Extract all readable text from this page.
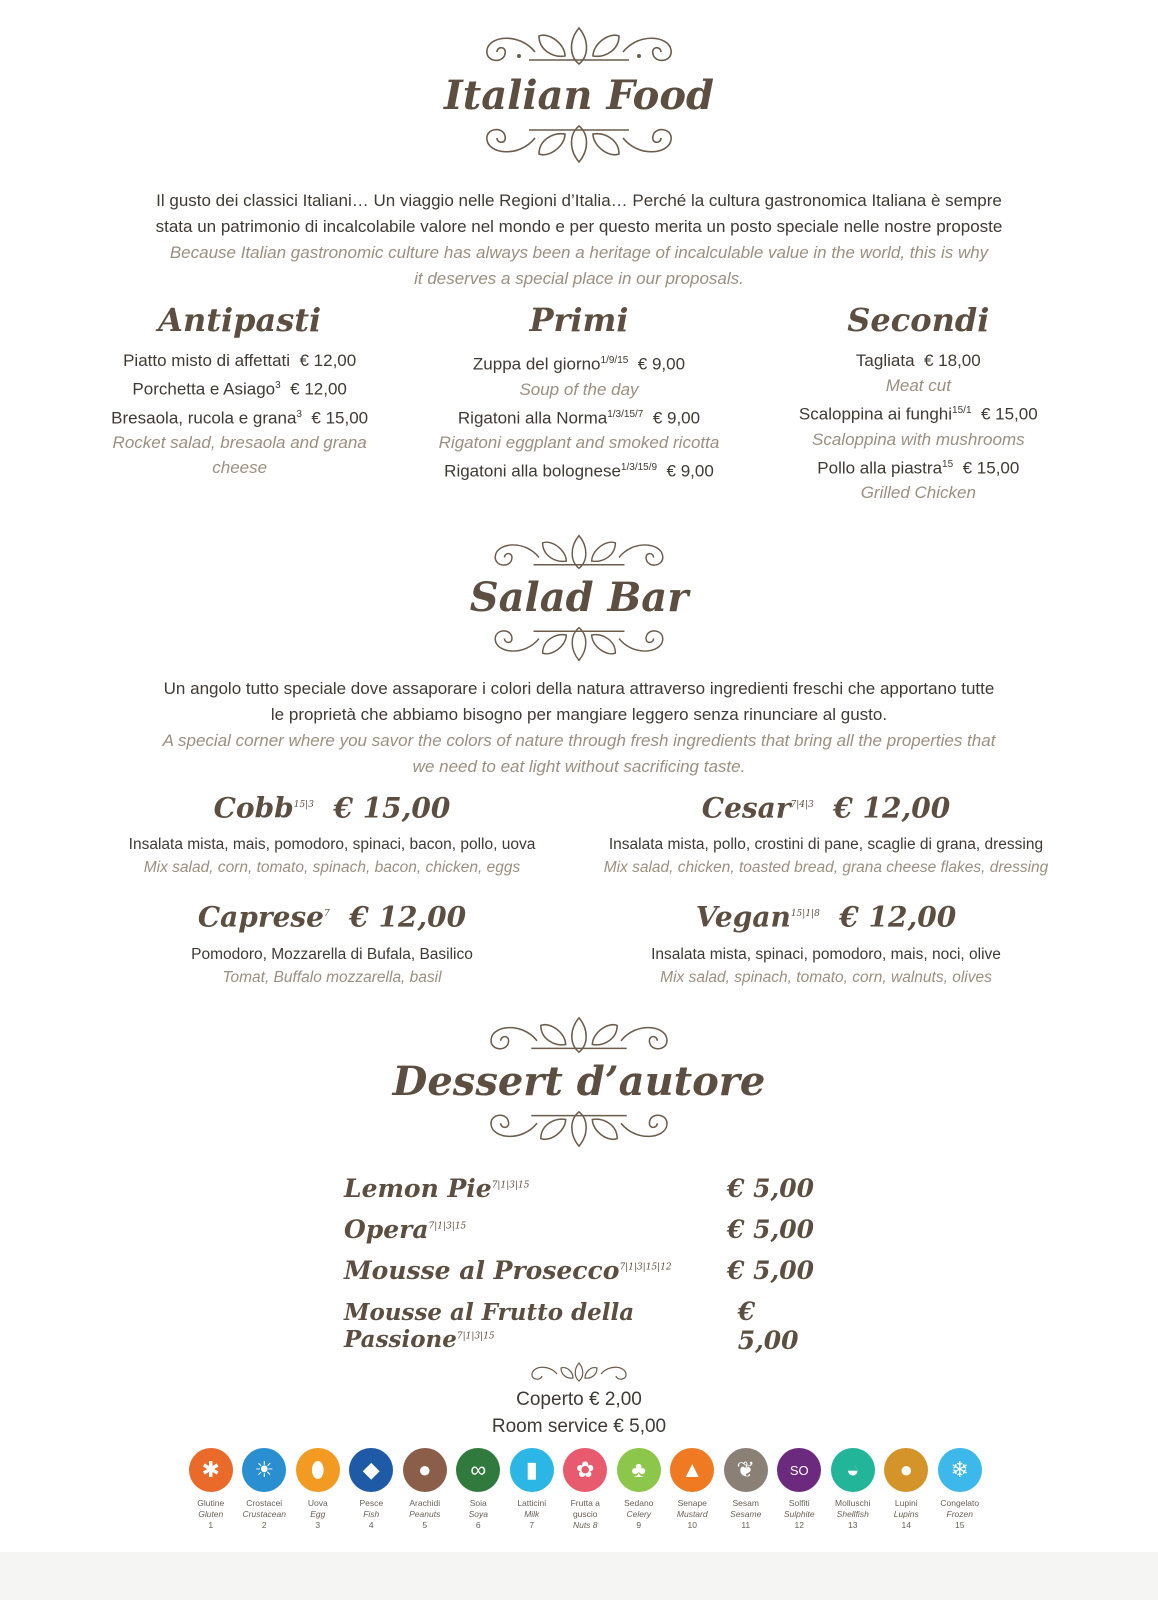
Italian Food

Il gusto dei classici Italiani… Un viaggio nelle Regioni d’Italia… Perché la cultura gastronomica Italiana è sempre

stata un patrimonio di incalcolabile valore nel mondo e per questo merita un posto speciale nelle nostre proposte

Because Italian gastronomic culture has always been a heritage of incalculable value in the world, this is why

it deserves a special place in our proposals.

Antipasti

Piatto misto di affettati € 12,00

Porchetta e Asiago$^3$ € 12,00

Bresaola, rucola e grana$^3$ € 15,00

Rocket salad, bresaola and grana

cheese

Primi

Zuppa del giorno$^{1/9/15}$ € 9,00

Soup of the day

Rigatoni alla Norma$^{1/3/15/7}$ € 9,00

Rigatoni eggplant and smoked ricotta

Rigatoni alla bolognese$^{1/3/15/9}$ € 9,00

Secondi

Tagliata € 18,00

Meat cut

Scaloppina ai funghi$^{15/1}$ € 15,00

Scaloppina with mushrooms

Pollo alla piastra$^{15}$ € 15,00

Grilled Chicken

Salad Bar

Un angolo tutto speciale dove assaporare i colori della natura attraverso ingredienti freschi che apportano tutte

le proprietà che abbiamo bisogno per mangiare leggero senza rinunciare al gusto.

A special corner where you savor the colors of nature through fresh ingredients that bring all the properties that

we need to eat light without sacrificing taste.

Cobb$^{15|3}$ € 15,00

Insalata mista, mais, pomodoro, spinaci, bacon, pollo, uova

Mix salad, corn, tomato, spinach, bacon, chicken, eggs

Cesar$^{7|4|3}$ € 12,00

Insalata mista, pollo, crostini di pane, scaglie di grana, dressing

Mix salad, chicken, toasted bread, grana cheese flakes, dressing

Caprese$^7$ € 12,00

Pomodoro, Mozzarella di Bufala, Basilico

Tomat, Buffalo mozzarella, basil

Vegan$^{15|1|8}$ € 12,00

Insalata mista, spinaci, pomodoro, mais, noci, olive

Mix salad, spinach, tomato, corn, walnuts, olives

Dessert d’autore
Lemon Pie$^{7|1|3|15}$	€ 5,00
Opera$^{7|1|3|15}$	€ 5,00
Mousse al Prosecco$^{7|1|3|15|12}$ € 5,00
Mousse al Frutto della Passione$^{7|1|3|15}$
€ 5,00

Coperto € 2,00

Room service € 5,00

✱
Glutine
Gluten
1
☀
Crostacei
Crustacean
2
⬮
Uova
Egg
3
◆
Pesce
Fish
4
●
Arachidi
Peanuts
5
∞
Soia
Soya
6
▮
Latticini
Milk
7
✿
Frutta a guscio
Nuts 8
♣
Sedano
Celery
9
▲
Senape
Mustard
10
❦
Sesam
Sesame
11
SO
Solfiti
Sulphite
12
◒
Molluschi
Shellfish
13
●
Lupini
Lupins
14
❄
Congelato
Frozen
15
